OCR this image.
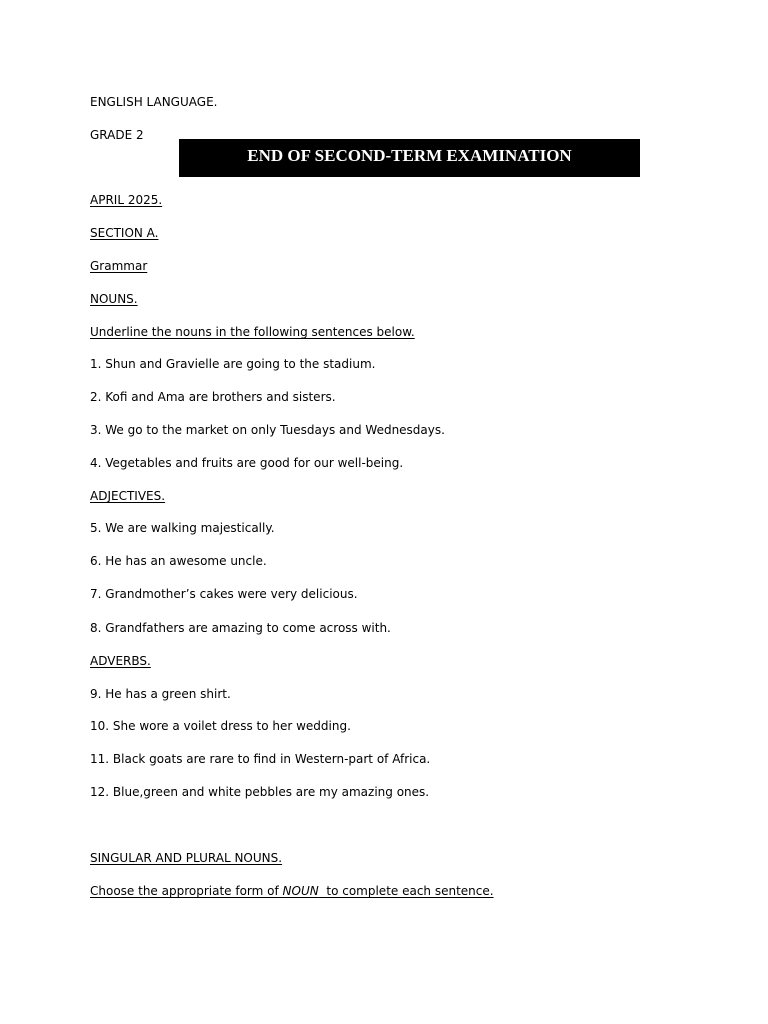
ENGLISH LANGUAGE.

GRADE 2

END OF SECOND-TERM EXAMINATION

APRIL 2025.

SECTION A.

Grammar

NOUNS.

Underline the nouns in the following sentences below.

1. Shun and Gravielle are going to the stadium.

2. Kofi and Ama are brothers and sisters.

3. We go to the market on only Tuesdays and Wednesdays.

4. Vegetables and fruits are good for our well-being.

ADJECTIVES.

5. We are walking majestically.

6. He has an awesome uncle.

7. Grandmother’s cakes were very delicious.

8. Grandfathers are amazing to come across with.

ADVERBS.

9. He has a green shirt.

10. She wore a voilet dress to her wedding.

11. Black goats are rare to find in Western-part of Africa.

12. Blue,green and white pebbles are my amazing ones.

SINGULAR AND PLURAL NOUNS.

Choose the appropriate form of NOUN  to complete each sentence.
